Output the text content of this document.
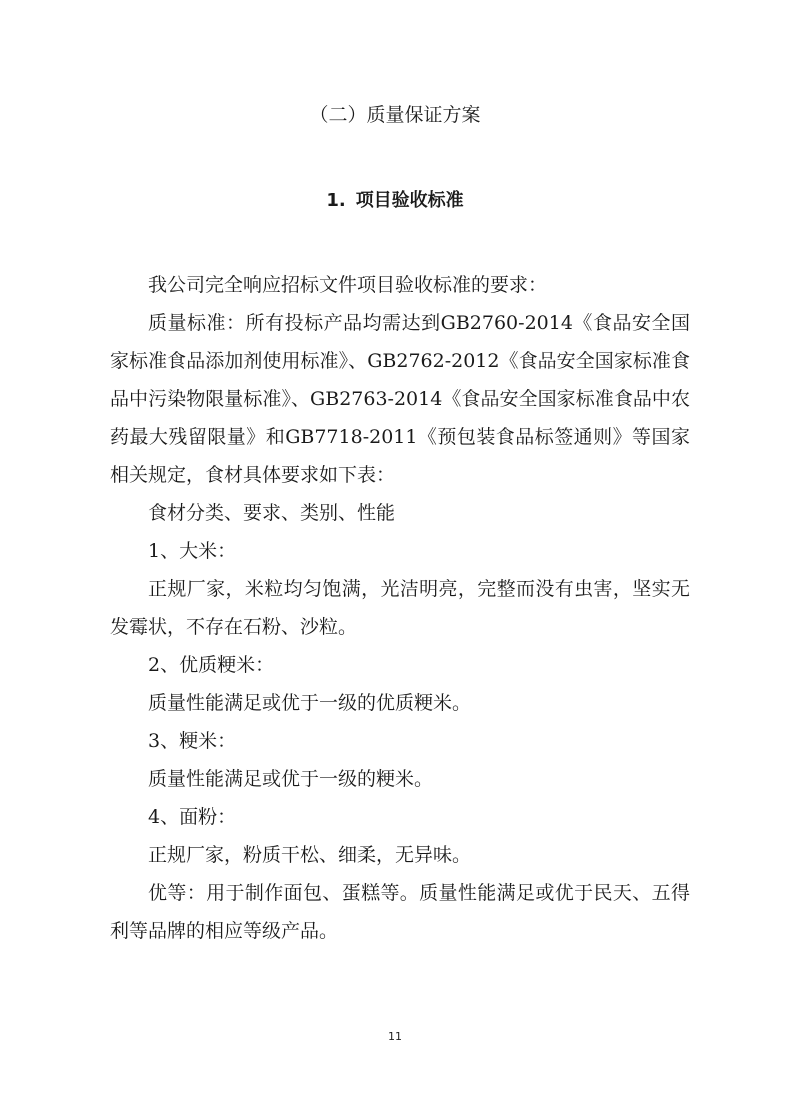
（二）质量保证方案
1. 项目验收标准

我公司完全响应招标文件项目验收标准的要求：

质量标准：所有投标产品均需达到GB2760-2014《食品安全国家标准食品添加剂使用标准》、GB2762-2012《食品安全国家标准食品中污染物限量标准》、GB2763-2014《食品安全国家标准食品中农药最大残留限量》和GB7718-2011《预包装食品标签通则》等国家相关规定，食材具体要求如下表：

食材分类、要求、类别、性能

1、大米：

正规厂家，米粒均匀饱满，光洁明亮，完整而没有虫害，坚实无发霉状，不存在石粉、沙粒。

2、优质粳米：

质量性能满足或优于一级的优质粳米。

3、粳米：

质量性能满足或优于一级的粳米。

4、面粉：

正规厂家，粉质干松、细柔，无异味。

优等：用于制作面包、蛋糕等。质量性能满足或优于民天、五得利等品牌的相应等级产品。

11
